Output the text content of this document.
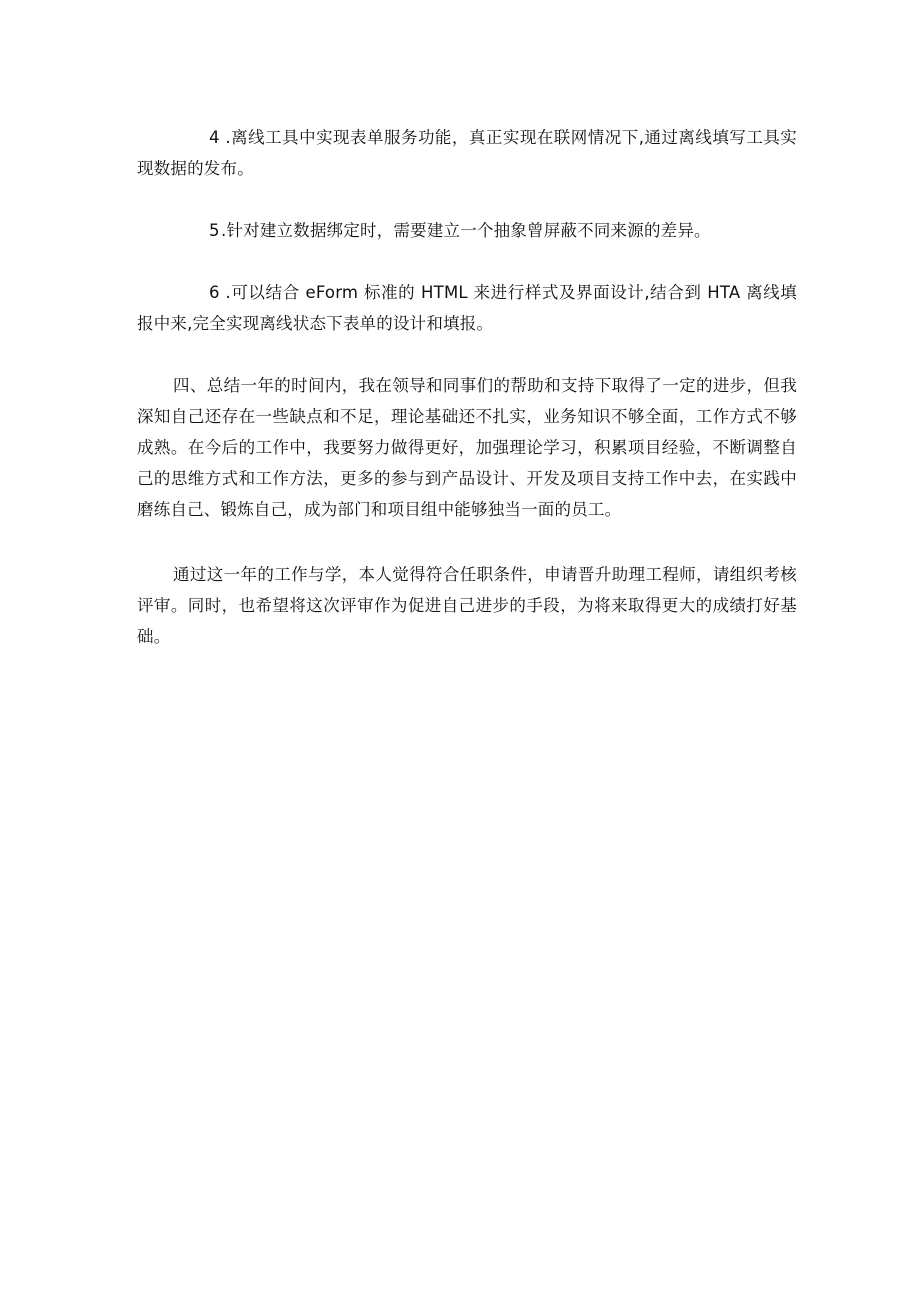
4 .离线工具中实现表单服务功能，真正实现在联网情况下,通过离线填写工具实现数据的发布。

5.针对建立数据绑定时，需要建立一个抽象曾屏蔽不同来源的差异。

6 .可以结合 eForm 标准的 HTML 来进行样式及界面设计,结合到 HTA 离线填报中来,完全实现离线状态下表单的设计和填报。

四、总结一年的时间内，我在领导和同事们的帮助和支持下取得了一定的进步，但我深知自己还存在一些缺点和不足，理论基础还不扎实，业务知识不够全面，工作方式不够成熟。在今后的工作中，我要努力做得更好，加强理论学习，积累项目经验，不断调整自己的思维方式和工作方法，更多的参与到产品设计、开发及项目支持工作中去，在实践中磨练自己、锻炼自己，成为部门和项目组中能够独当一面的员工。

通过这一年的工作与学，本人觉得符合任职条件，申请晋升助理工程师，请组织考核评审。同时，也希望将这次评审作为促进自己进步的手段，为将来取得更大的成绩打好基础。
